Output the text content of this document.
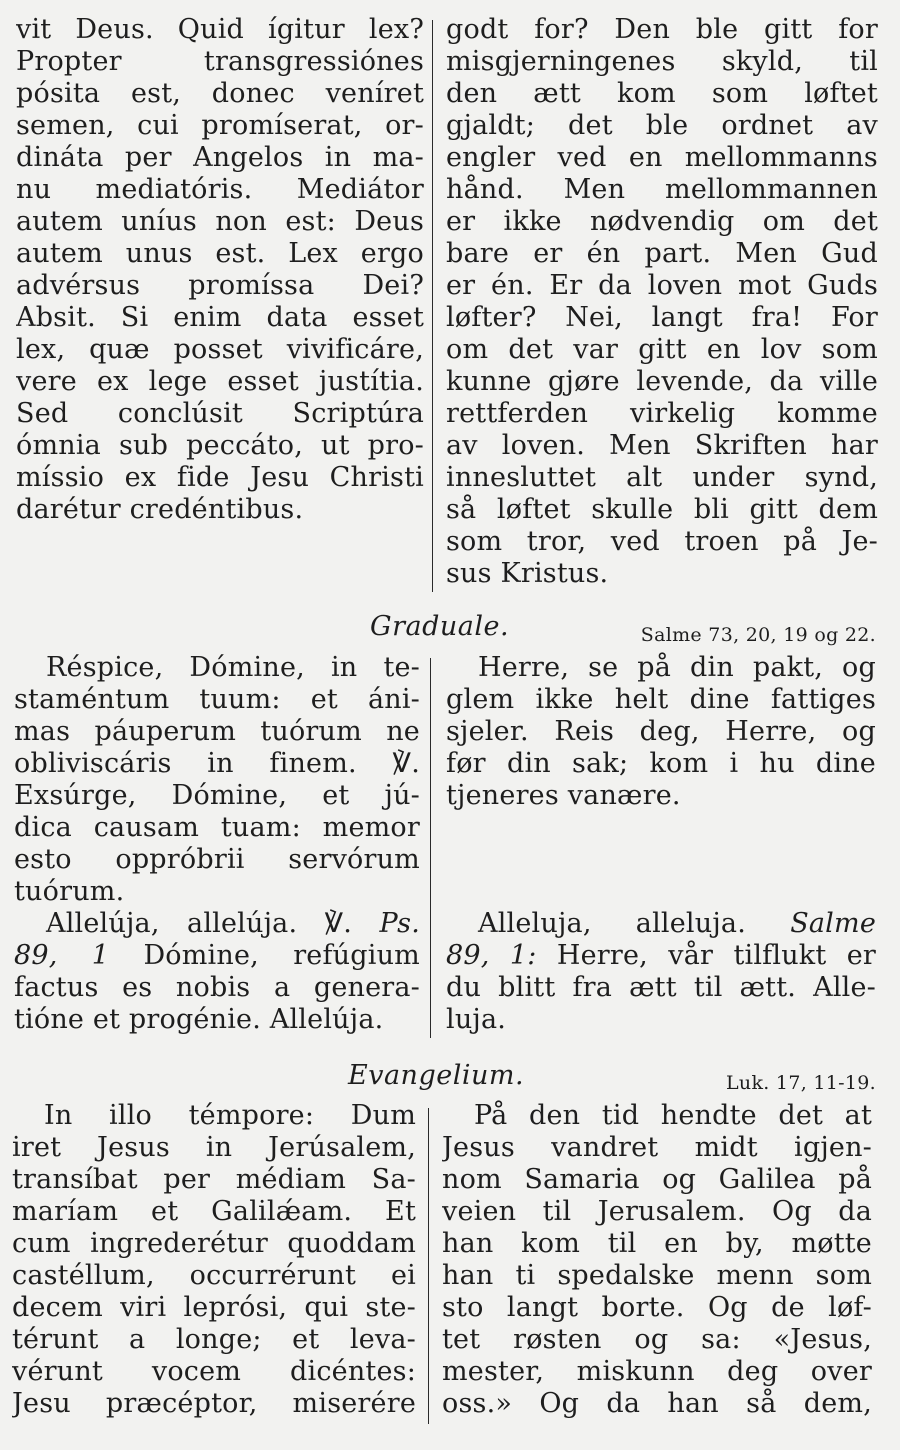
vit Deus. Quid ígitur lex?
Propter transgressiónes
pósita est, donec veníret
semen, cui promíserat, or-
dináta per Angelos in ma-
nu mediatóris. Mediátor
autem uníus non est: Deus
autem unus est. Lex ergo
advérsus promíssa Dei?
Absit. Si enim data esset
lex, quæ posset vivificáre,
vere ex lege esset justítia.
Sed conclúsit Scriptúra
ómnia sub peccáto, ut pro-
míssio ex fide Jesu Christi
darétur credéntibus.
godt for? Den ble gitt for
misgjerningenes skyld, til
den ætt kom som løftet
gjaldt; det ble ordnet av
engler ved en mellommanns
hånd. Men mellommannen
er ikke nødvendig om det
bare er én part. Men Gud
er én. Er da loven mot Guds
løfter? Nei, langt fra! For
om det var gitt en lov som
kunne gjøre levende, da ville
rettferden virkelig komme
av loven. Men Skriften har
innesluttet alt under synd,
så løftet skulle bli gitt dem
som tror, ved troen på Je-
sus Kristus.
Graduale.	Salme 73, 20, 19 og 22.
Réspice, Dómine, in te-
staméntum tuum: et áni-
mas páuperum tuórum ne
obliviscáris in finem. ℣.
Exsúrge, Dómine, et jú-
dica causam tuam: memor
esto oppróbrii servórum
tuórum.
Allelúja, allelúja. ℣. Ps.
89, 1 Dómine, refúgium
factus es nobis a genera-
tióne et progénie. Allelúja.
Herre, se på din pakt, og
glem ikke helt dine fattiges
sjeler. Reis deg, Herre, og
før din sak; kom i hu dine
tjeneres vanære.
Alleluja, alleluja. Salme
89, 1: Herre, vår tilflukt er
du blitt fra ætt til ætt. Alle-
luja.
Evangelium.	Luk. 17, 11-19.
In illo témpore: Dum
iret Jesus in Jerúsalem,
transíbat per médiam Sa-
maríam et Galilǽam. Et
cum ingrederétur quoddam
castéllum, occurrérunt ei
decem viri leprósi, qui ste-
térunt a longe; et leva-
vérunt vocem dicéntes:
Jesu præcéptor, miserére
På den tid hendte det at
Jesus vandret midt igjen-
nom Samaria og Galilea på
veien til Jerusalem. Og da
han kom til en by, møtte
han ti spedalske menn som
sto langt borte. Og de løf-
tet røsten og sa: «Jesus,
mester, miskunn deg over
oss.» Og da han så dem,
